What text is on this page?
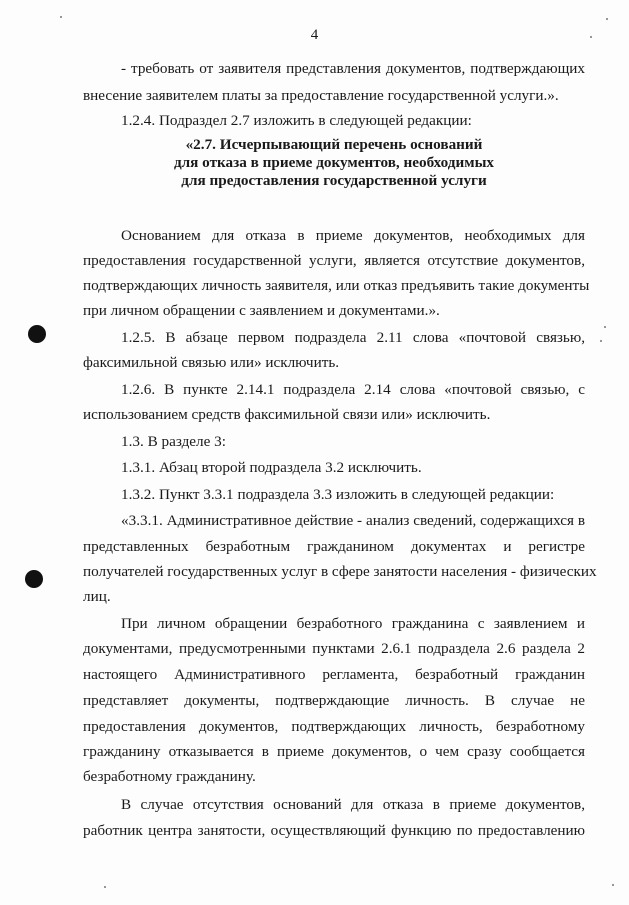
4
- требовать от заявителя представления документов, подтверждающих
внесение заявителем платы за предоставление государственной услуги.».
1.2.4. Подраздел 2.7 изложить в следующей редакции:
«2.7. Исчерпывающий перечень оснований
для отказа в приеме документов, необходимых
для предоставления государственной услуги
Основанием для отказа в приеме документов, необходимых для
предоставления государственной услуги, является отсутствие документов,
подтверждающих личность заявителя, или отказ предъявить такие документы
при личном обращении с заявлением и документами.».
1.2.5. В абзаце первом подраздела 2.11 слова «почтовой связью,
факсимильной связью или» исключить.
1.2.6. В пункте 2.14.1 подраздела 2.14 слова «почтовой связью, с
использованием средств факсимильной связи или» исключить.
1.3. В разделе 3:
1.3.1. Абзац второй подраздела 3.2 исключить.
1.3.2. Пункт 3.3.1 подраздела 3.3 изложить в следующей редакции:
«3.3.1. Административное действие - анализ сведений, содержащихся в
представленных безработным гражданином документах и регистре
получателей государственных услуг в сфере занятости населения - физических
лиц.
При личном обращении безработного гражданина с заявлением и
документами, предусмотренными пунктами 2.6.1 подраздела 2.6 раздела 2
настоящего Административного регламента, безработный гражданин
представляет документы, подтверждающие личность. В случае не
предоставления документов, подтверждающих личность, безработному
гражданину отказывается в приеме документов, о чем сразу сообщается
безработному гражданину.
В случае отсутствия оснований для отказа в приеме документов,
работник центра занятости, осуществляющий функцию по предоставлению
